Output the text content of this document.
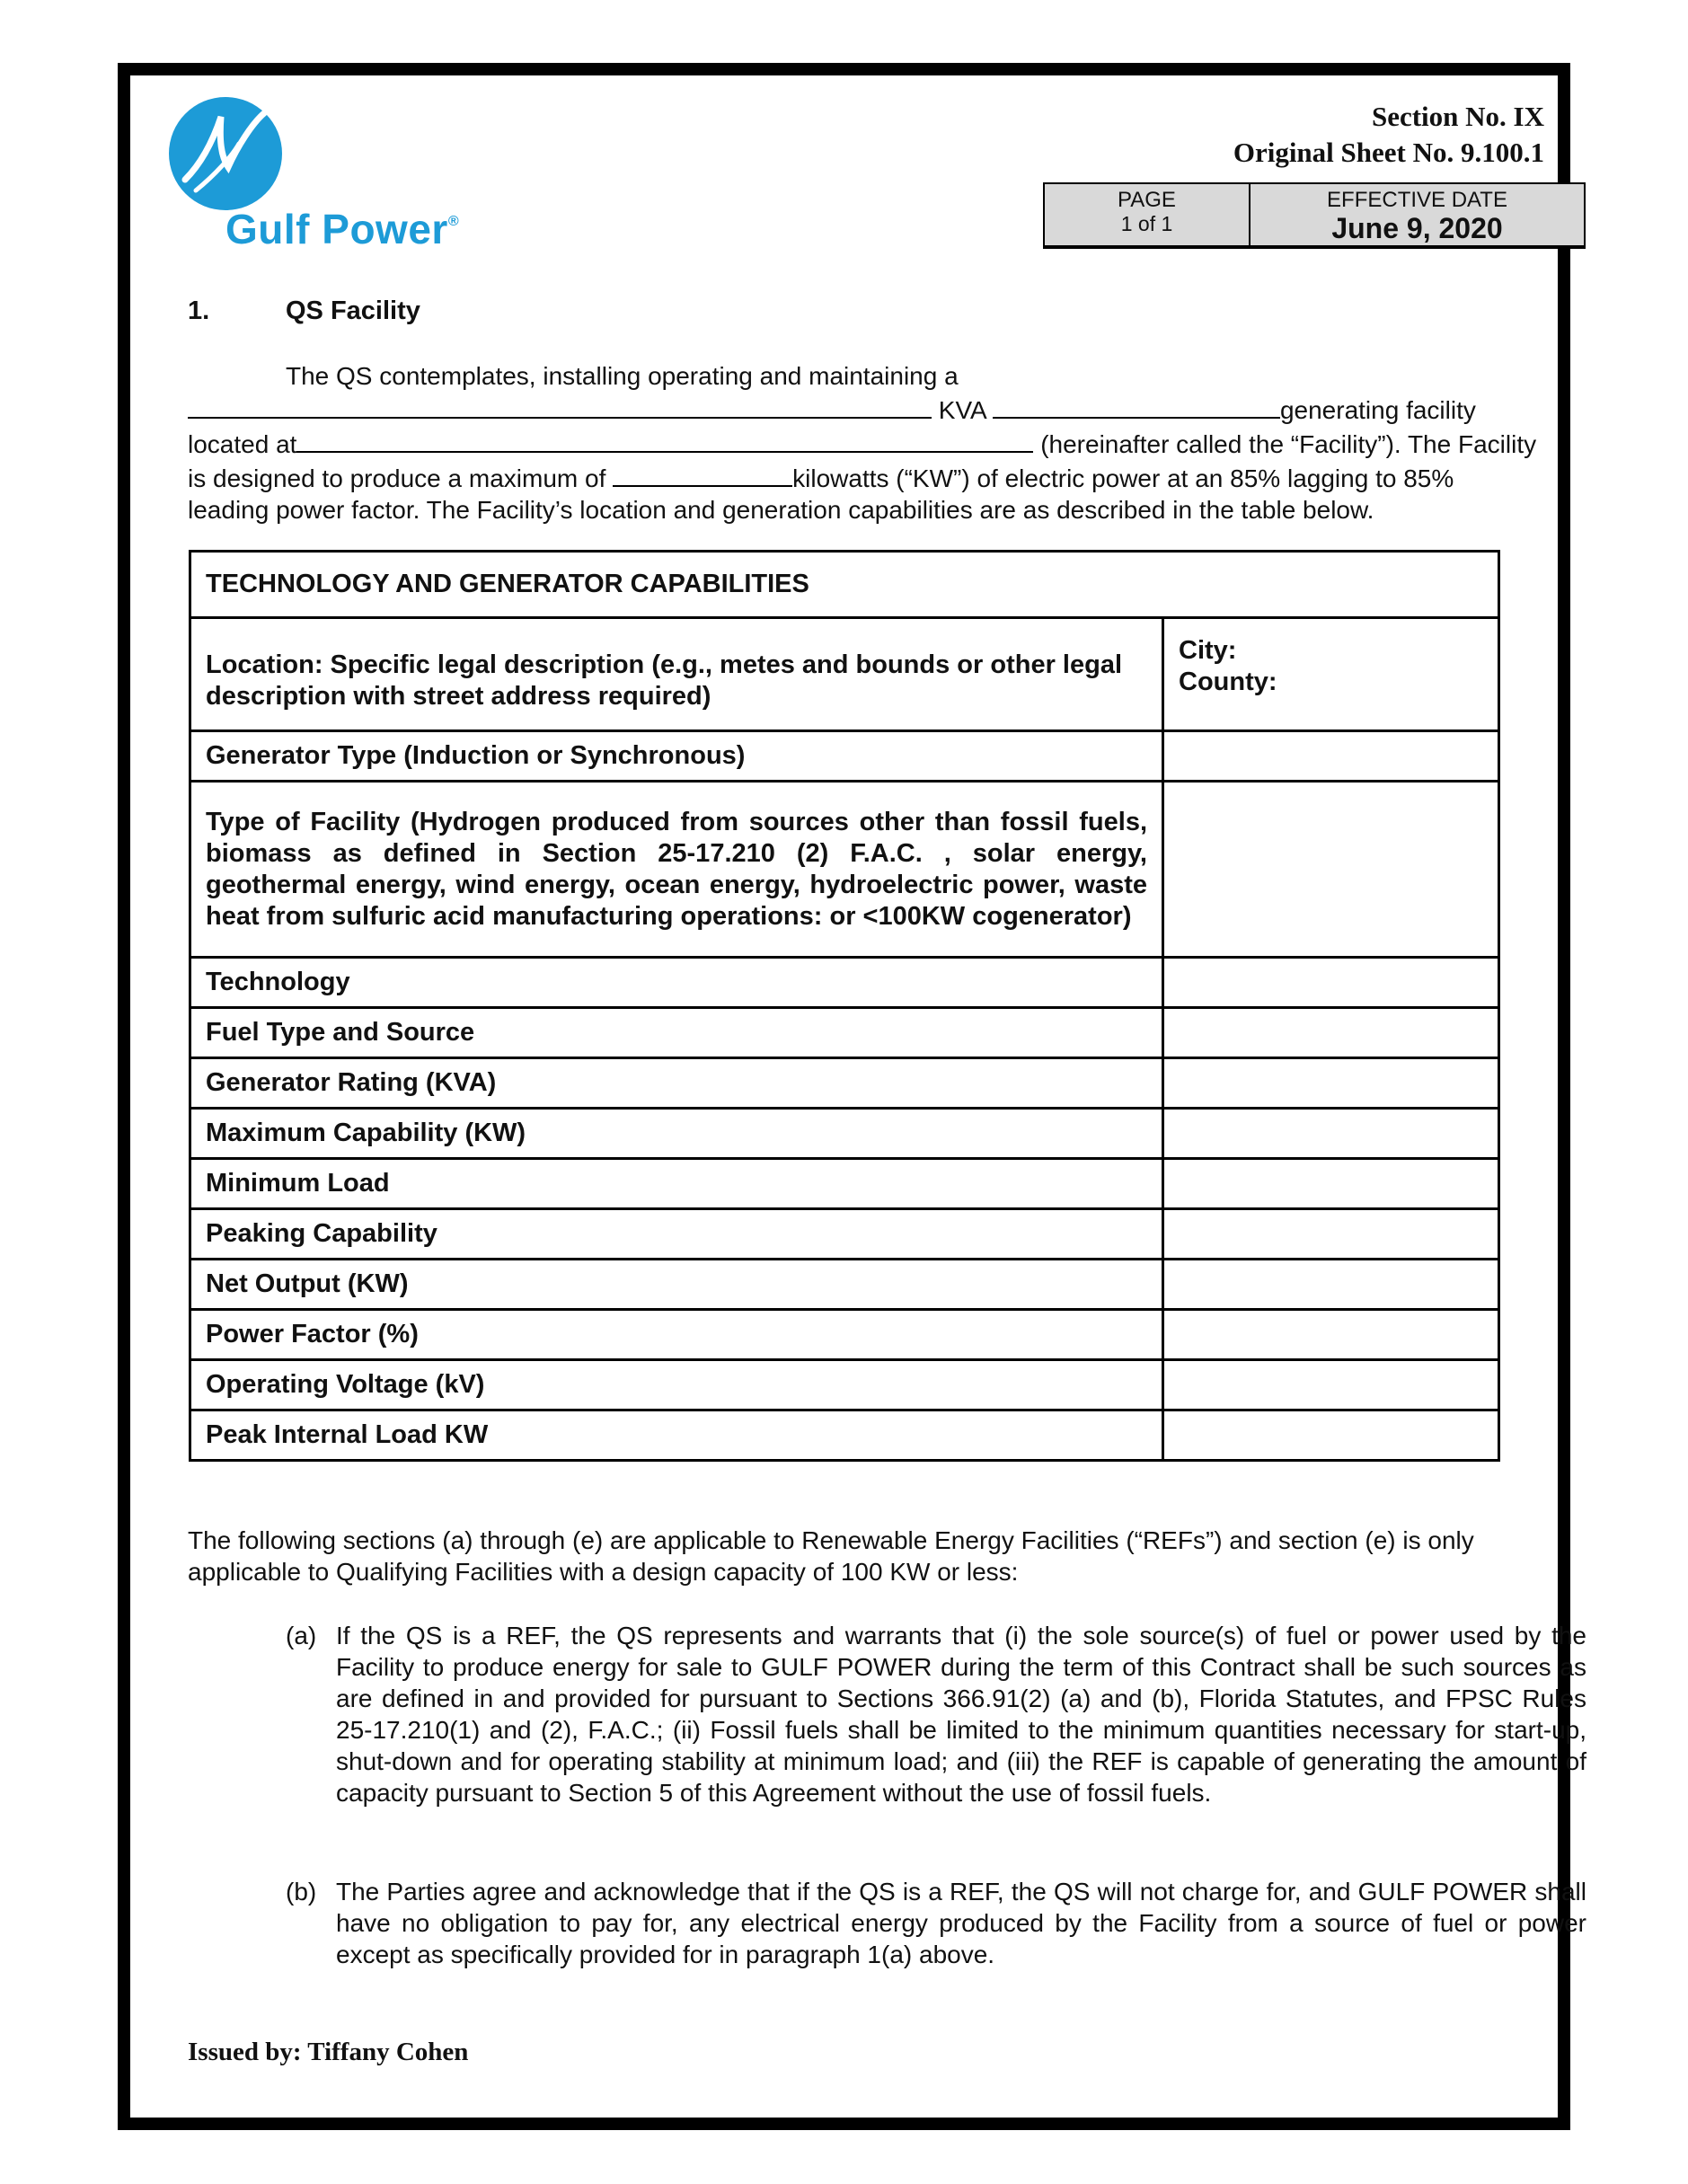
Gulf Power®
Section No. IX
Original Sheet No. 9.100.1
PAGE
1 of 1
EFFECTIVE DATE
June 9, 2020
1.	QS Facility
The QS contemplates, installing operating and maintaining a
KVA	generating facility
located at	(hereinafter called the “Facility”). The Facility
is designed to produce a maximum of	kilowatts (“KW”) of electric power at an 85% lagging to 85%
leading power factor. The Facility’s location and generation capabilities are as described in the table below.
TECHNOLOGY AND GENERATOR CAPABILITIES	
Location: Specific legal description (e.g., metes and bounds or other legal description with street address required)	City:
County:

Generator Type (Induction or Synchronous)	
Type of Facility (Hydrogen produced from sources other than fossil fuels, biomass as defined in Section 25-17.210 (2) F.A.C. , solar energy, geothermal energy, wind energy, ocean energy, hydroelectric power, waste heat from sulfuric acid manufacturing operations: or <100KW cogenerator)	
Technology	
Fuel Type and Source	
Generator Rating (KVA)	
Maximum Capability (KW)	
Minimum Load	
Peaking Capability	
Net Output (KW)	
Power Factor (%)	
Operating Voltage (kV)	
Peak Internal Load KW	
The following sections (a) through (e) are applicable to Renewable Energy Facilities (“REFs”) and section (e) is only applicable to Qualifying Facilities with a design capacity of 100 KW or less:
(a) If the QS is a REF, the QS represents and warrants that (i) the sole source(s) of fuel or power used by the Facility to produce energy for sale to GULF POWER during the term of this Contract shall be such sources as are defined in and provided for pursuant to Sections 366.91(2) (a) and (b), Florida Statutes, and FPSC Rules 25-17.210(1) and (2), F.A.C.; (ii) Fossil fuels shall be limited to the minimum quantities necessary for start-up, shut-down and for operating stability at minimum load; and (iii) the REF is capable of generating the amount of capacity pursuant to Section 5 of this Agreement without the use of fossil fuels.
(b) The Parties agree and acknowledge that if the QS is a REF, the QS will not charge for, and GULF POWER shall have no obligation to pay for, any electrical energy produced by the Facility from a source of fuel or power except as specifically provided for in paragraph 1(a) above.
Issued by: Tiffany Cohen
